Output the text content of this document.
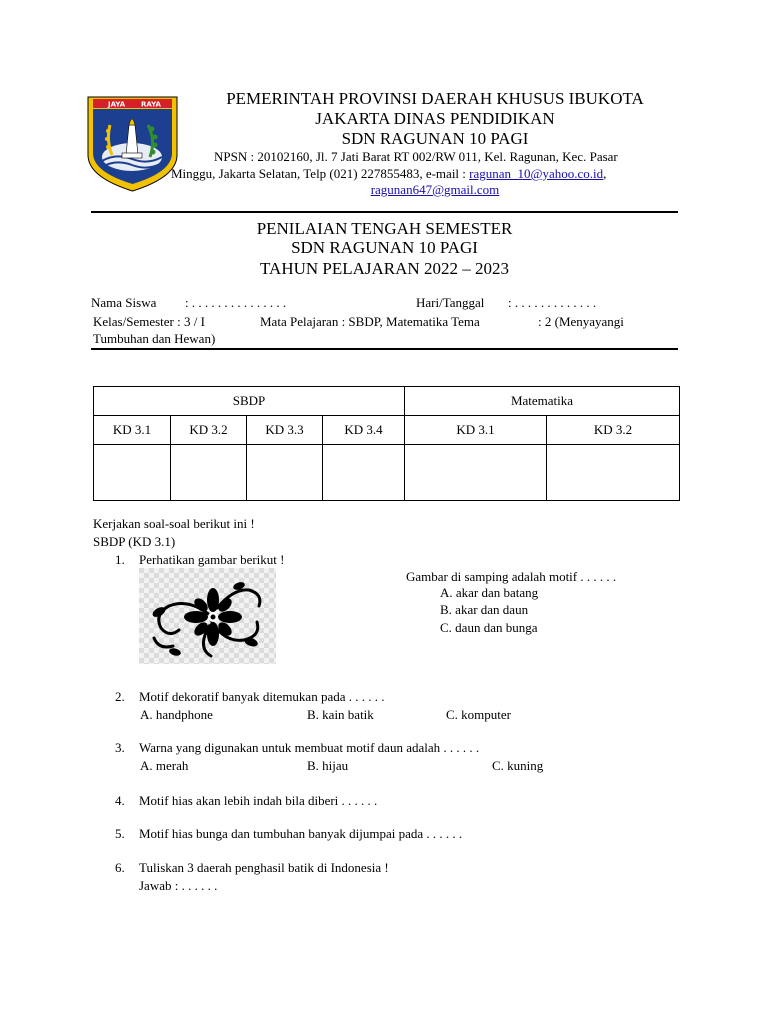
JAYA RAYA	PEMERINTAH PROVINSI DAERAH KHUSUS IBUKOTA
JAKARTA DINAS PENDIDIKAN
SDN RAGUNAN 10 PAGI
NPSN : 20102160, Jl. 7 Jati Barat RT 002/RW 011, Kel. Ragunan, Kec. Pasar
Minggu, Jakarta Selatan, Telp (021) 227855483, e-mail : ragunan_10@yahoo.co.id,
ragunan647@gmail.com
PENILAIAN TENGAH SEMESTER
SDN RAGUNAN 10 PAGI
TAHUN PELAJARAN 2022 – 2023
Nama Siswa : . . . . . . . . . . . . . . .	Hari/Tanggal : . . . . . . . . . . . . .
Kelas/Semester : 3 / I	Mata Pelajaran : SBDP, Matematika Tema	: 2 (Menyayangi
Tumbuhan dan Hewan)
SBDP				Matematika	
KD 3.1	KD 3.2	KD 3.3	KD 3.4	KD 3.1	KD 3.2

Kerjakan soal-soal berikut ini !
SBDP (KD 3.1)
1. Perhatikan gambar berikut !
Gambar di samping adalah motif . . . . . .
A. akar dan batang
B. akar dan daun
C. daun dan bunga
2. Motif dekoratif banyak ditemukan pada . . . . . .
A. handphone	B. kain batik	C. komputer
3. Warna yang digunakan untuk membuat motif daun adalah . . . . . .
A. merah	B. hijau	C. kuning
4. Motif hias akan lebih indah bila diberi . . . . . .
5. Motif hias bunga dan tumbuhan banyak dijumpai pada . . . . . .
6. Tuliskan 3 daerah penghasil batik di Indonesia !
Jawab : . . . . . .
